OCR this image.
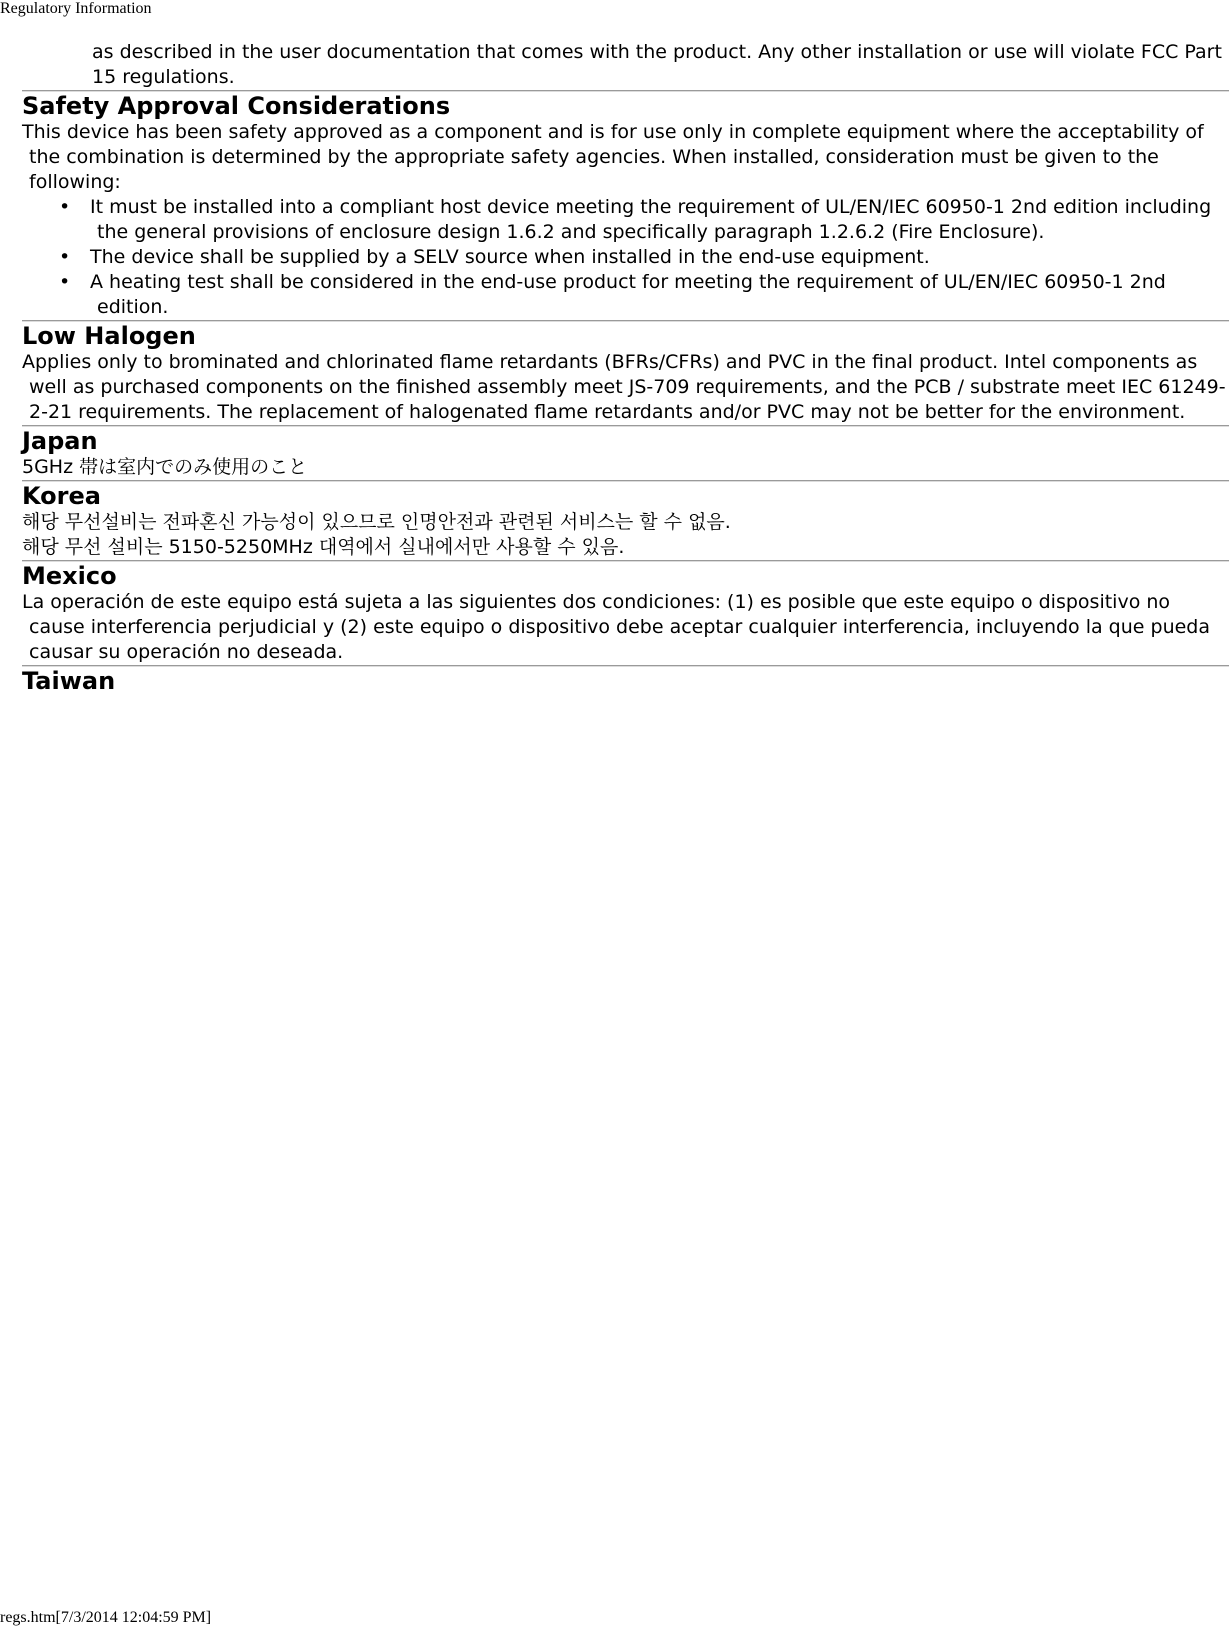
Regulatory Information

as described in the user documentation that comes with the product. Any other installation or use will violate FCC Part 15 regulations.

Safety Approval Considerations

This device has been safety approved as a component and is for use only in complete equipment where the acceptability of the combination is determined by the appropriate safety agencies. When installed, consideration must be given to the following:

• It must be installed into a compliant host device meeting the requirement of UL/EN/IEC 60950-1 2nd edition including the general provisions of enclosure design 1.6.2 and specifically paragraph 1.2.6.2 (Fire Enclosure).
• The device shall be supplied by a SELV source when installed in the end-use equipment.
• A heating test shall be considered in the end-use product for meeting the requirement of UL/EN/IEC 60950-1 2nd edition.
Low Halogen

Applies only to brominated and chlorinated flame retardants (BFRs/CFRs) and PVC in the final product. Intel components as well as purchased components on the finished assembly meet JS-709 requirements, and the PCB / substrate meet IEC 61249-2-21 requirements. The replacement of halogenated flame retardants and/or PVC may not be better for the environment.

Japan

5GHz 帯は室内でのみ使用のこと

Korea

해당 무선설비는 전파혼신 가능성이 있으므로 인명안전과 관련된 서비스는 할 수 없음.

해당 무선 설비는 5150-5250MHz 대역에서 실내에서만 사용할 수 있음.

Mexico

La operación de este equipo está sujeta a las siguientes dos condiciones: (1) es posible que este equipo o dispositivo no cause interferencia perjudicial y (2) este equipo o dispositivo debe aceptar cualquier interferencia, incluyendo la que pueda causar su operación no deseada.

Taiwan
regs.htm[7/3/2014 12:04:59 PM]
